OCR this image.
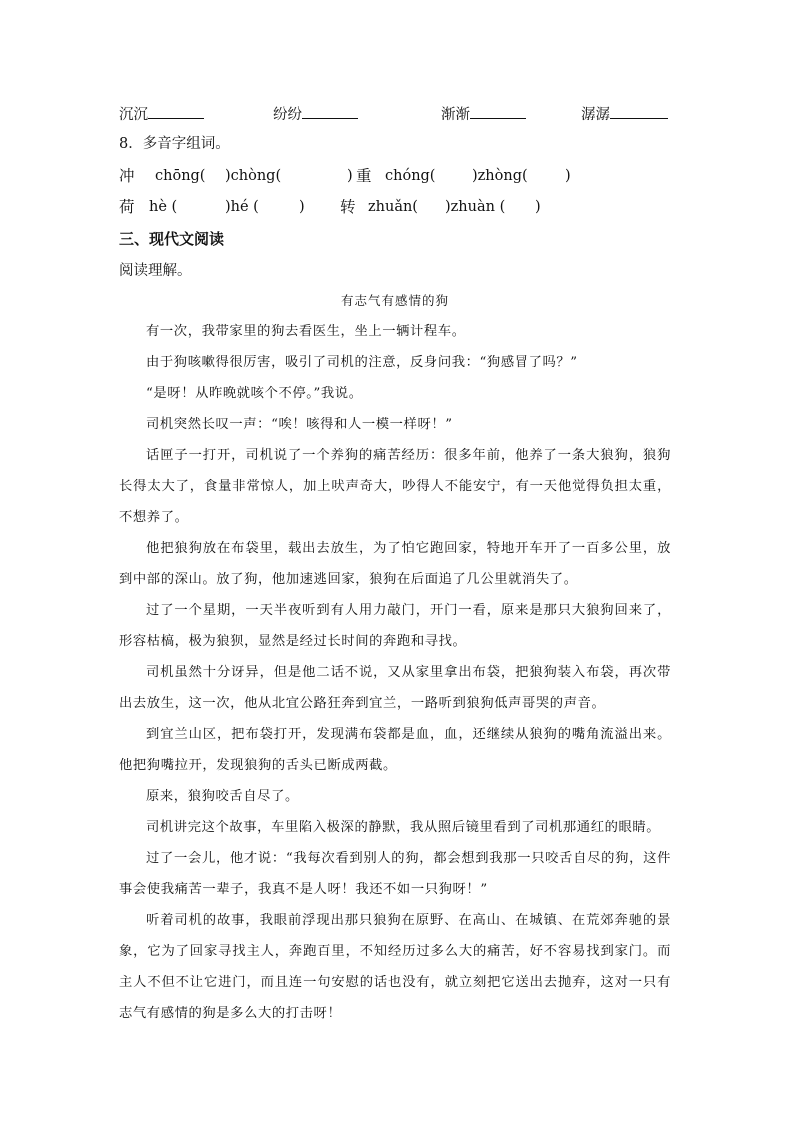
沉沉	纷纷	渐渐	潺潺
8．多音字组词。
冲 chōng( )chòng(	) 重 chóng(	)zhòng(	)
荷 hè (	)hé (	) 转 zhuǎn( )zhuàn ( )
三、现代文阅读
阅读理解。
有志气有感情的狗
有一次，我带家里的狗去看医生，坐上一辆计程车。
由于狗咳嗽得很厉害，吸引了司机的注意，反身问我：“狗感冒了吗？”
“是呀！从昨晚就咳个不停。”我说。
司机突然长叹一声：“唉！咳得和人一模一样呀！”
话匣子一打开，司机说了一个养狗的痛苦经历：很多年前，他养了一条大狼狗，狼狗长得太大了，食量非常惊人，加上吠声奇大，吵得人不能安宁，有一天他觉得负担太重，不想养了。
他把狼狗放在布袋里，载出去放生，为了怕它跑回家，特地开车开了一百多公里，放到中部的深山。放了狗，他加速逃回家，狼狗在后面追了几公里就消失了。
过了一个星期，一天半夜听到有人用力敲门，开门一看，原来是那只大狼狗回来了，形容枯槁，极为狼狈，显然是经过长时间的奔跑和寻找。
司机虽然十分讶异，但是他二话不说，又从家里拿出布袋，把狼狗装入布袋，再次带出去放生，这一次，他从北宜公路狂奔到宜兰，一路听到狼狗低声哥哭的声音。
到宜兰山区，把布袋打开，发现满布袋都是血，血，还继续从狼狗的嘴角流溢出来。他把狗嘴拉开，发现狼狗的舌头已断成两截。
原来，狼狗咬舌自尽了。
司机讲完这个故事，车里陷入极深的静默，我从照后镜里看到了司机那通红的眼睛。
过了一会儿，他才说：“我每次看到别人的狗，都会想到我那一只咬舌自尽的狗，这件事会使我痛苦一辈子，我真不是人呀！我还不如一只狗呀！”
听着司机的故事，我眼前浮现出那只狼狗在原野、在高山、在城镇、在荒郊奔驰的景象，它为了回家寻找主人，奔跑百里，不知经历过多么大的痛苦，好不容易找到家门。而主人不但不让它进门，而且连一句安慰的话也没有，就立刻把它送出去抛弃，这对一只有志气有感情的狗是多么大的打击呀！
